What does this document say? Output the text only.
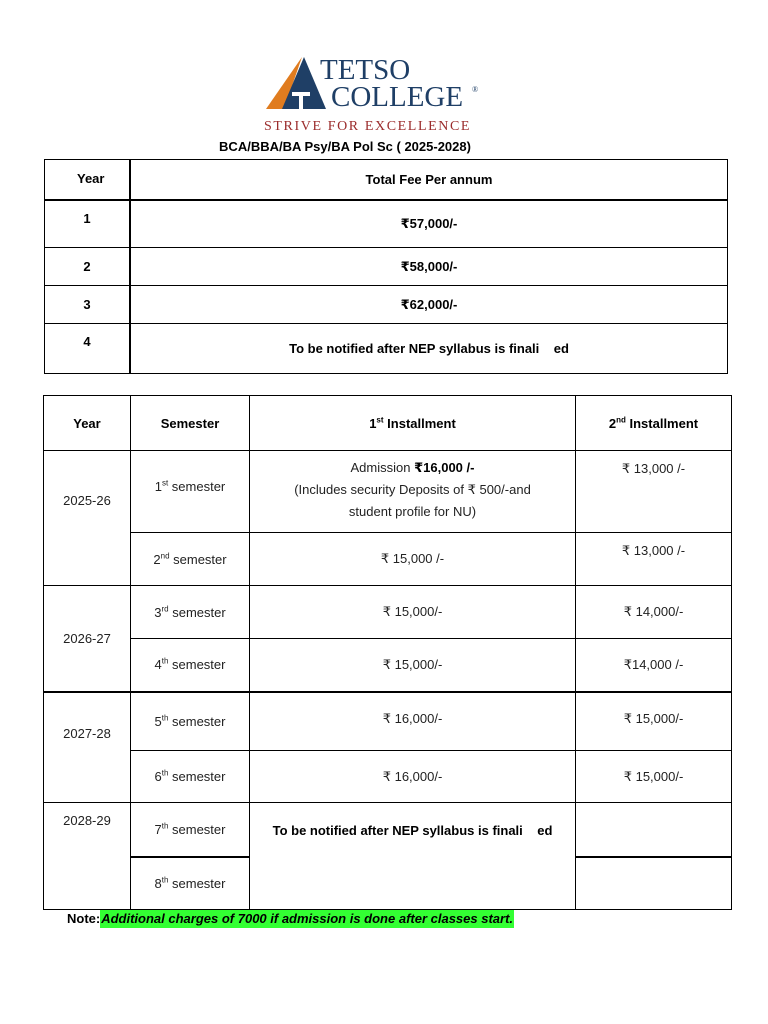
TETSO
COLLEGE ®
STRIVE FOR EXCELLENCE
BCA/BBA/BA Psy/BA Pol Sc ( 2025-2028)
Year	Total Fee Per annum
1	₹57,000/-
2	₹58,000/-
3	₹62,000/-
4	To be notified after NEP syllabus is finali    ed
Year	Semester	1st Installment	2nd Installment
2025-26	1st semester	Admission ₹16,000 /-
(Includes security Deposits of ₹ 500/-and
student profile for NU)	₹ 13,000 /-
	2nd semester	₹ 15,000 /-	₹ 13,000 /-
2026-27	3rd semester	₹ 15,000/-	₹ 14,000/-
	4th semester	₹ 15,000/-	₹14,000 /-
2027-28	5th semester	₹ 16,000/-	₹ 15,000/-
	6th semester	₹ 16,000/-	₹ 15,000/-
2028-29	7th semester	To be notified after NEP syllabus is finali    ed	
	8th semester		
Note:Additional charges of 7000 if admission is done after classes start.
